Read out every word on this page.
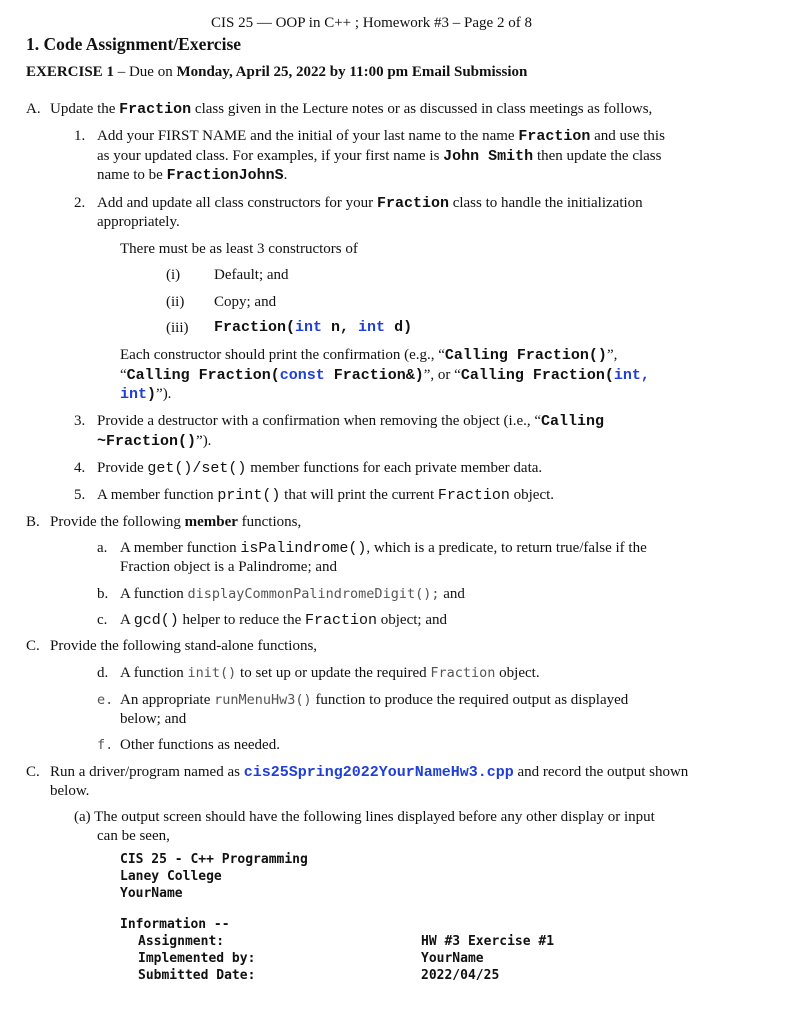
CIS 25 — OOP in C++ ; Homework #3 – Page 2 of 8
1. Code Assignment/Exercise
EXERCISE 1 – Due on Monday, April 25, 2022 by 11:00 pm Email Submission
A. Update the Fraction class given in the Lecture notes or as discussed in class meetings as follows,
1. Add your FIRST NAME and the initial of your last name to the name Fraction and use this
as your updated class. For examples, if your first name is John Smith then update the class
name to be FractionJohnS.
2. Add and update all class constructors for your Fraction class to handle the initialization
appropriately.
There must be as least 3 constructors of
(i) Default; and
(ii) Copy; and
(iii) Fraction(int n, int d)
Each constructor should print the confirmation (e.g., “Calling Fraction()”,
“Calling Fraction(const Fraction&)”, or “Calling Fraction(int,
int)”).
3. Provide a destructor with a confirmation when removing the object (i.e., “Calling
~Fraction()”).
4. Provide get()/set() member functions for each private member data.
5. A member function print() that will print the current Fraction object.
B. Provide the following member functions,
a. A member function isPalindrome(), which is a predicate, to return true/false if the
Fraction object is a Palindrome; and
b. A function displayCommonPalindromeDigit(); and
c. A gcd() helper to reduce the Fraction object; and
C. Provide the following stand-alone functions,
d. A function init() to set up or update the required Fraction object.
e. An appropriate runMenuHw3() function to produce the required output as displayed
below; and
f. Other functions as needed.
C. Run a driver/program named as cis25Spring2022YourNameHw3.cpp and record the output shown
below.
(a) The output screen should have the following lines displayed before any other display or input
can be seen,
CIS 25 - C++ Programming
Laney College
YourName
Information --
Assignment:	HW #3 Exercise #1
Implemented by:	YourName
Submitted Date:	2022/04/25
